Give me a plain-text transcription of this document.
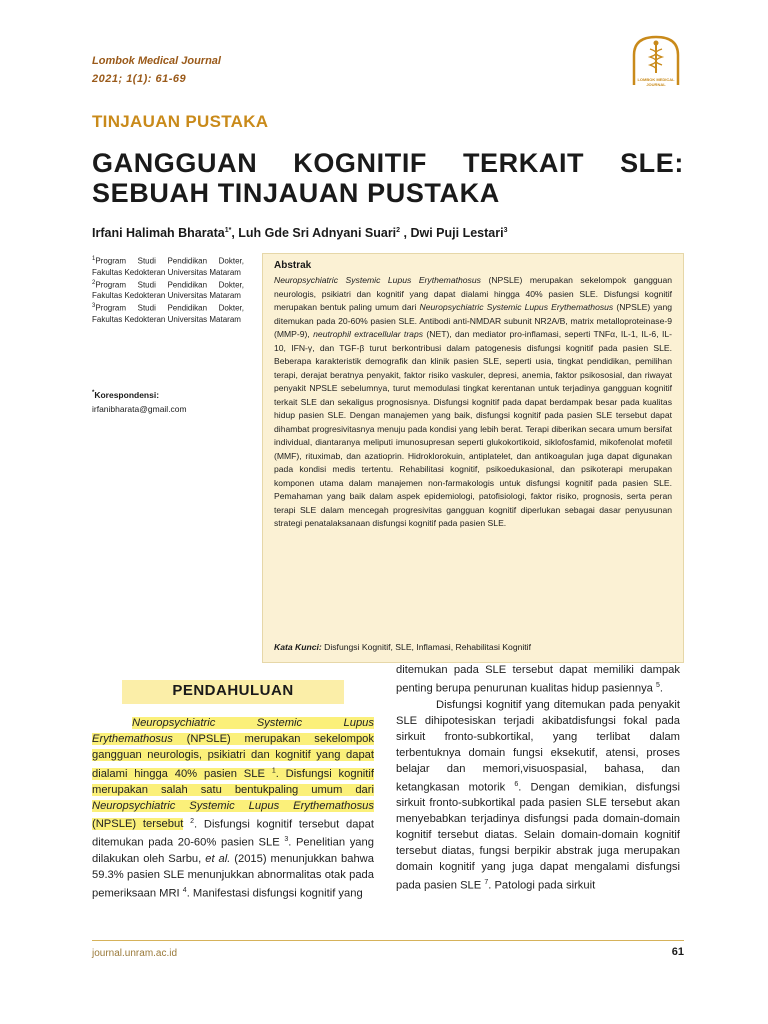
Lombok Medical Journal
2021; 1(1): 61-69	LOMBOK MEDICAL JOURNAL
TINJAUAN PUSTAKA
GANGGUAN KOGNITIF TERKAIT SLE:
SEBUAH TINJAUAN PUSTAKA
Irfani Halimah Bharata$^{1*}$, Luh Gde Sri Adnyani Suari$^2$ , Dwi Puji Lestari$^3$

$^1$Program Studi Pendidikan Dokter, Fakultas Kedokteran Universitas Mataram

$^2$Program Studi Pendidikan Dokter, Fakultas Kedokteran Universitas Mataram

$^3$Program Studi Pendidikan Dokter, Fakultas Kedokteran Universitas Mataram

*Korespondensi:
irfanibharata@gmail.com
Abstrak
Neuropsychiatric Systemic Lupus Erythemathosus (NPSLE) merupakan sekelompok gangguan neurologis, psikiatri dan kognitif yang dapat dialami hingga 40% pasien SLE. Disfungsi kognitif merupakan bentuk paling umum dari Neuropsychiatric Systemic Lupus Erythemathosus (NPSLE) yang ditemukan pada 20-60% pasien SLE. Antibodi anti-NMDAR subunit NR2A/B, matrix metalloproteinase-9 (MMP-9), neutrophil extracellular traps (NET), dan mediator pro-inflamasi, seperti TNFα, IL-1, IL-6, IL-10, IFN-γ, dan TGF-β turut berkontribusi dalam patogenesis disfungsi kognitif pada pasien SLE. Beberapa karakteristik demografik dan klinik pasien SLE, seperti usia, tingkat pendidikan, pemilihan terapi, derajat beratnya penyakit, faktor risiko vaskuler, depresi, anemia, faktor psikososial, dan riwayat penyakit NPSLE sebelumnya, turut memodulasi tingkat kerentanan untuk terjadinya gangguan kognitif terkait SLE dan sekaligus prognosisnya. Disfungsi kognitif pada dapat berdampak besar pada kualitas hidup pasien SLE. Dengan manajemen yang baik, disfungsi kognitif pada pasien SLE tersebut dapat dihambat progresivitasnya menuju pada kondisi yang lebih berat. Terapi diberikan secara umum bersifat individual, diantaranya meliputi imunosupresan seperti glukokortikoid, siklofosfamid, mikofenolat mofetil (MMF), rituximab, dan azatioprin. Hidroklorokuin, antiplatelet, dan antikoagulan juga dapat digunakan pada kondisi medis tertentu. Rehabilitasi kognitif, psikoedukasional, dan psikoterapi merupakan komponen utama dalam manajemen non-farmakologis untuk disfungsi kognitif pada pasien SLE. Pemahaman yang baik dalam aspek epidemiologi, patofisiologi, faktor risiko, prognosis, serta peran terapi SLE dalam mencegah progresivitas gangguan kognitif diperlukan sebagai dasar penyusunan strategi penatalaksanaan disfungsi kognitif pada pasien SLE.
Kata Kunci: Disfungsi Kognitif, SLE, Inflamasi, Rehabilitasi Kognitif
PENDAHULUAN
Neuropsychiatric Systemic Lupus Erythemathosus (NPSLE) merupakan sekelompok gangguan neurologis, psikiatri dan kognitif yang dapat dialami hingga 40% pasien SLE $^1$. Disfungsi kognitif merupakan salah satu bentukpaling umum dari Neuropsychiatric Systemic Lupus Erythemathosus (NPSLE) tersebut $^2$. Disfungsi kognitif tersebut dapat ditemukan pada 20-60% pasien SLE $^3$. Penelitian yang dilakukan oleh Sarbu, et al. (2015) menunjukkan bahwa 59.3% pasien SLE menunjukkan abnormalitas otak pada pemeriksaan MRI $^4$. Manifestasi disfungsi kognitif yang
ditemukan pada SLE tersebut dapat memiliki dampak penting berupa penurunan kualitas hidup pasiennya $^5$.
Disfungsi kognitif yang ditemukan pada penyakit SLE dihipotesiskan terjadi akibatdisfungsi fokal pada sirkuit fronto-subkortikal, yang terlibat dalam terbentuknya domain fungsi eksekutif, atensi, proses belajar dan memori,visuospasial, bahasa, dan ketangkasan motorik $^6$. Dengan demikian, disfungsi sirkuit fronto-subkortikal pada pasien SLE tersebut akan menyebabkan terjadinya disfungsi pada domain-domain kognitif tersebut diatas. Selain domain-domain kognitif tersebut diatas, fungsi berpikir abstrak juga merupakan domain kognitif yang juga dapat mengalami disfungsi pada pasien SLE $^7$. Patologi pada sirkuit
journal.unram.ac.id	61
